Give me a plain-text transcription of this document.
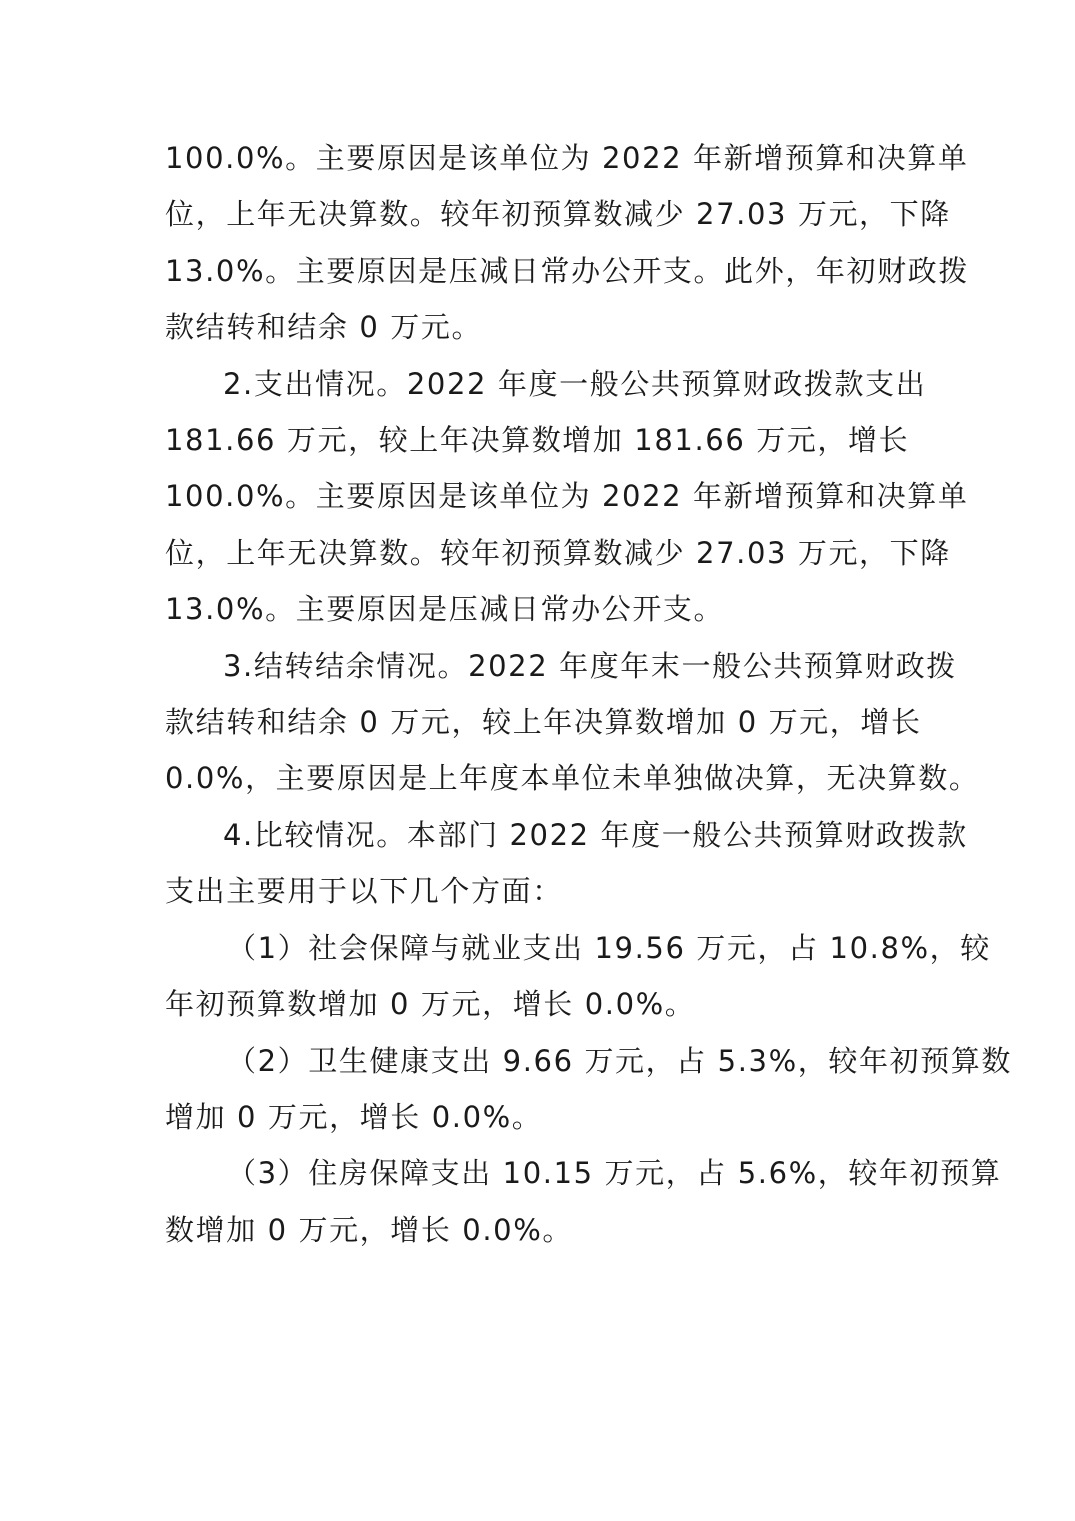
100.0%。主要原因是该单位为 2022 年新增预算和决算单

位，上年无决算数。较年初预算数减少 27.03 万元，下降

13.0%。主要原因是压减日常办公开支。此外，年初财政拨

款结转和结余 0 万元。

2.支出情况。2022 年度一般公共预算财政拨款支出

181.66 万元，较上年决算数增加 181.66 万元，增长

100.0%。主要原因是该单位为 2022 年新增预算和决算单

位，上年无决算数。较年初预算数减少 27.03 万元，下降

13.0%。主要原因是压减日常办公开支。

3.结转结余情况。2022 年度年末一般公共预算财政拨

款结转和结余 0 万元，较上年决算数增加 0 万元，增长

0.0%，主要原因是上年度本单位未单独做决算，无决算数。

4.比较情况。本部门 2022 年度一般公共预算财政拨款

支出主要用于以下几个方面：

（1）社会保障与就业支出 19.56 万元，占 10.8%，较

年初预算数增加 0 万元，增长 0.0%。

（2）卫生健康支出 9.66 万元，占 5.3%，较年初预算数

增加 0 万元，增长 0.0%。

（3）住房保障支出 10.15 万元，占 5.6%，较年初预算

数增加 0 万元，增长 0.0%。
